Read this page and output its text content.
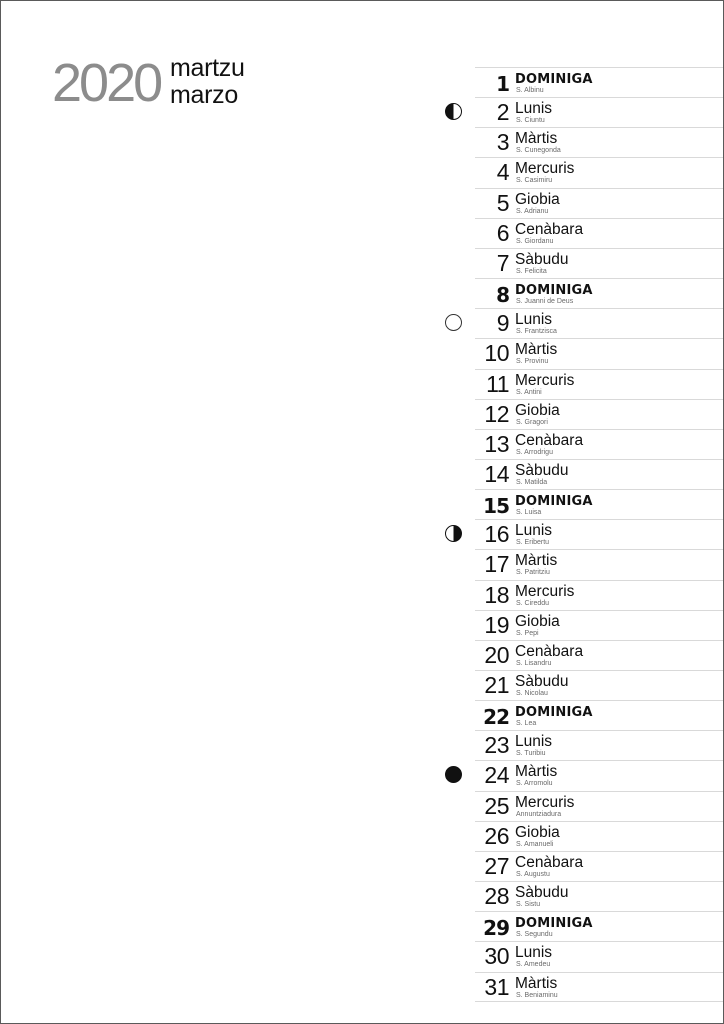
2020 martzu
marzo	1 DOMINIGA
S. Albinu
2 Lunis
S. Ciuntu
3 Màrtis
S. Cunegonda
4 Mercuris
S. Casimiru
5 Giobia
S. Adrianu
6 Cenàbara
S. Giordanu
7 Sàbudu
S. Felicita
8 DOMINIGA
S. Juanni de Deus
9 Lunis
S. Frantzisca
10 Màrtis
S. Provinu
11 Mercuris
S. Antini
12 Giobia
S. Gragori
13 Cenàbara
S. Arrodrigu
14 Sàbudu
S. Matilda
15 DOMINIGA
S. Luisa
16 Lunis
S. Eribertu
17 Màrtis
S. Patritziu
18 Mercuris
S. Cireddu
19 Giobia
S. Pepi
20 Cenàbara
S. Lisandru
21 Sàbudu
S. Nicolau
22 DOMINIGA
S. Lea
23 Lunis
S. Turibiu
24 Màrtis
S. Arromolu
25 Mercuris
Annuntziadura
26 Giobia
S. Amanueli
27 Cenàbara
S. Augustu
28 Sàbudu
S. Sistu
29 DOMINIGA
S. Segundu
30 Lunis
S. Amedeu
31 Màrtis
S. Beniaminu
